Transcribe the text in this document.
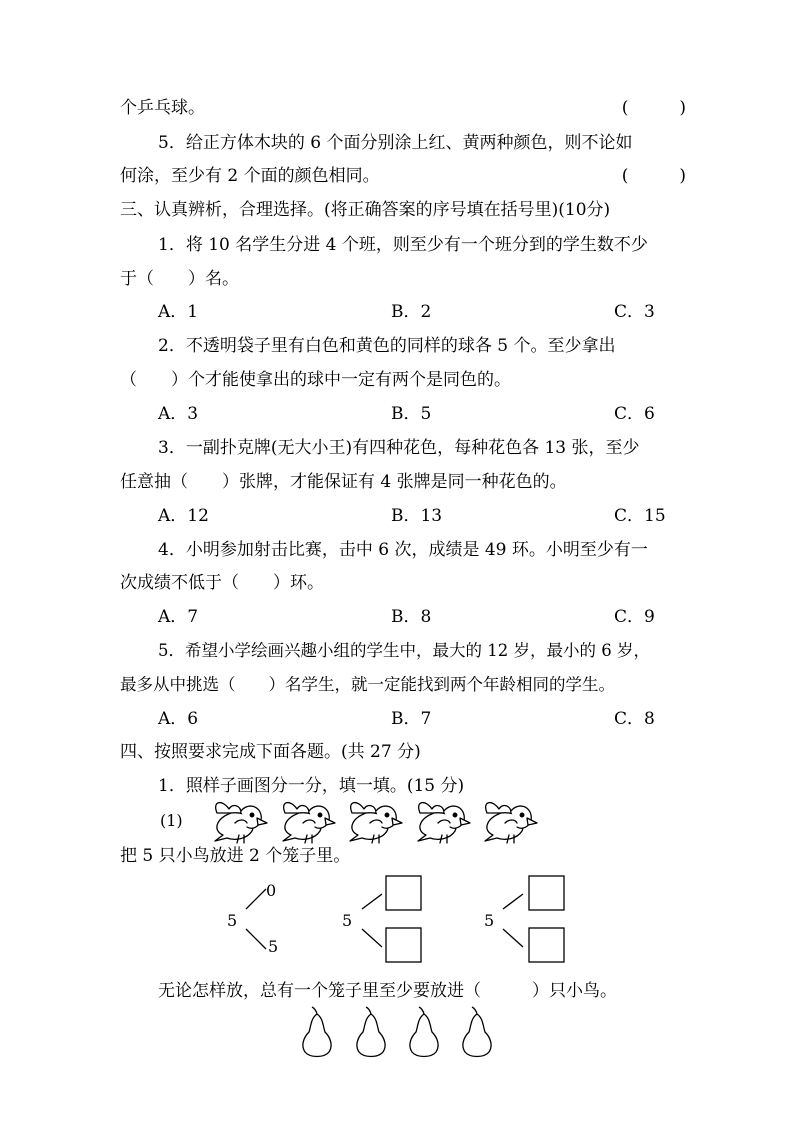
个乒乓球。	(　　　)
5．给正方体木块的 6 个面分别涂上红、黄两种颜色，则不论如
何涂，至少有 2 个面的颜色相同。	(　　　)
三、认真辨析，合理选择。(将正确答案的序号填在括号里)(10分)
1．将 10 名学生分进 4 个班，则至少有一个班分到的学生数不少
于（　　）名。
A．1	B．2	C．3
2．不透明袋子里有白色和黄色的同样的球各 5 个。至少拿出
（　　）个才能使拿出的球中一定有两个是同色的。
A．3	B．5	C．6
3．一副扑克牌(无大小王)有四种花色，每种花色各 13 张，至少
任意抽（　　）张牌，才能保证有 4 张牌是同一种花色的。
A．12	B．13	C．15
4．小明参加射击比赛，击中 6 次，成绩是 49 环。小明至少有一
次成绩不低于（　　）环。
A．7	B．8	C．9
5．希望小学绘画兴趣小组的学生中，最大的 12 岁，最小的 6 岁，
最多从中挑选（　　）名学生，就一定能找到两个年龄相同的学生。
A．6	B．7	C．8
四、按照要求完成下面各题。(共 27 分)
1．照样子画图分一分，填一填。(15 分)
(1)
把 5 只小鸟放进 2 个笼子里。
0
5
5
5	5
无论怎样放，总有一个笼子里至少要放进（　　　）只小鸟。
